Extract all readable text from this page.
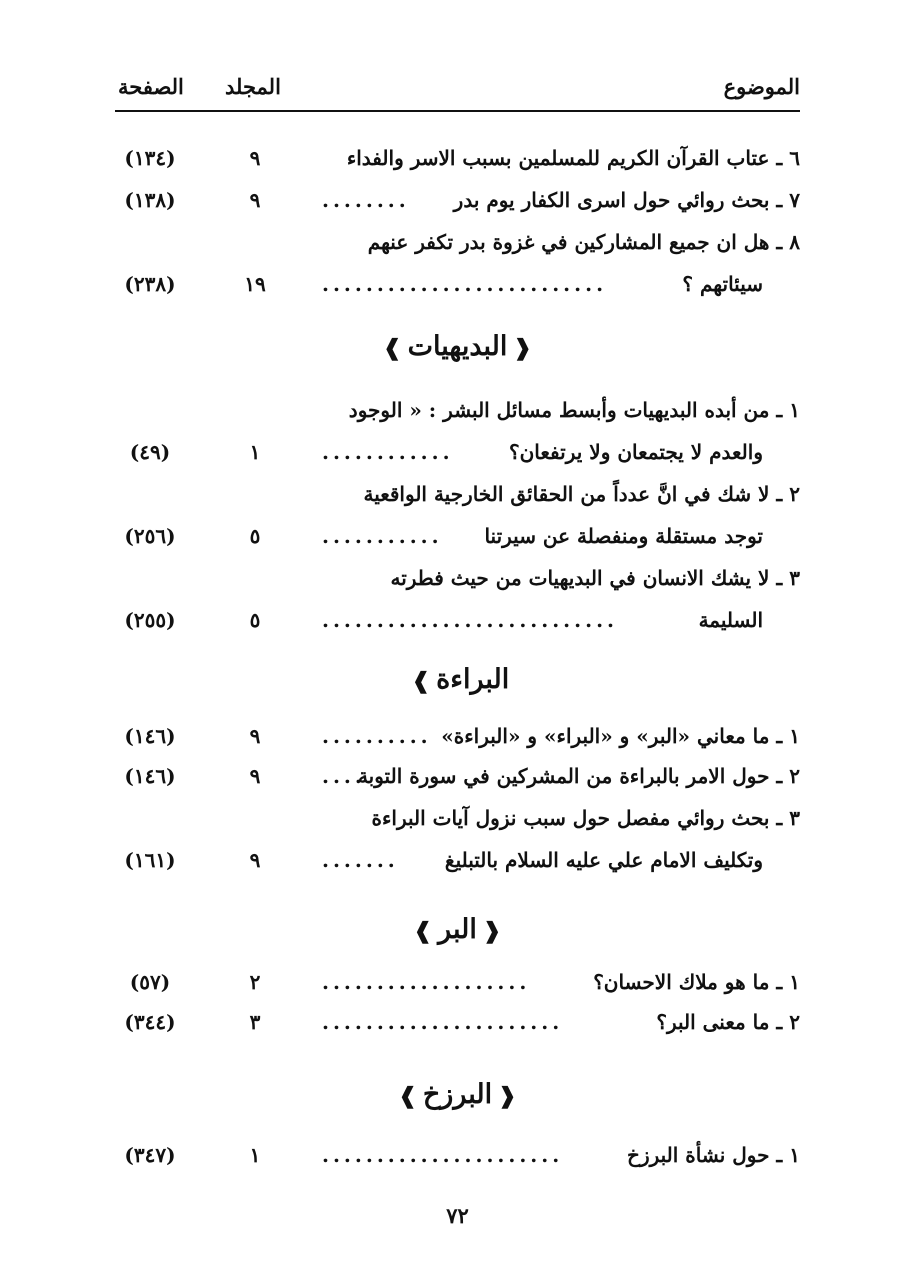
الموضوع
المجلد
الصفحة
٦ ـ عتاب القرآن الكريم للمسلمين بسبب الاسر والفداء
٩
(١٣٤)
٧ ـ بحث روائي حول اسرى الكفار يوم بدر
........
٩
(١٣٨)
٨ ـ هل ان جميع المشاركين في غزوة بدر تكفر عنهم
سيئاتهم ؟
..........................
١٩
(٢٣٨)
❰البديهيات❱
١ ـ من أبده البديهيات وأبسط مسائل البشر : « الوجود
والعدم لا يجتمعان ولا يرتفعان؟
............
١
(٤٩)
٢ ـ لا شك في انَّ عدداً من الحقائق الخارجية الواقعية
توجد مستقلة ومنفصلة عن سيرتنا
...........
٥
(٢٥٦)
٣ ـ لا يشك الانسان في البديهيات من حيث فطرته
السليمة
...........................
٥
(٢٥٥)
البراءة❱
١ ـ ما معاني «البر» و «البراء» و «البراءة»
..........
٩
(١٤٦)
٢ ـ حول الامر بالبراءة من المشركين في سورة التوبة
....
٩
(١٤٦)
٣ ـ بحث روائي مفصل حول سبب نزول آيات البراءة
وتكليف الامام علي عليه السلام بالتبليغ
.......
٩
(١٦١)
❰البر❱
١ ـ ما هو ملاك الاحسان؟
...................
٢
(٥٧)
٢ ـ ما معنى البر؟
......................
٣
(٣٤٤)
❰البرزخ❱
١ ـ حول نشأة البرزخ
......................
١
(٣٤٧)
٧٢
